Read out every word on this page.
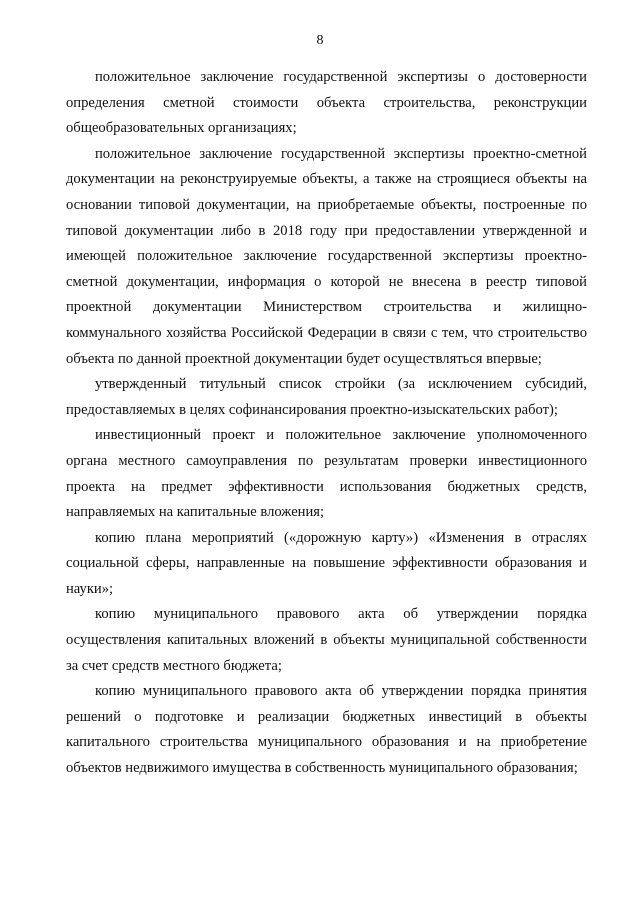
8

положительное заключение государственной экспертизы о достоверности определения сметной стоимости объекта строительства, реконструкции общеобразовательных организациях;

положительное заключение государственной экспертизы проектно-сметной документации на реконструируемые объекты, а также на строящиеся объекты на основании типовой документации, на приобретаемые объекты, построенные по типовой документации либо в 2018 году при предоставлении утвержденной и имеющей положительное заключение государственной экспертизы проектно-сметной документации, информация о которой не внесена в реестр типовой проектной документации Министерством строительства и жилищно-коммунального хозяйства Российской Федерации в связи с тем, что строительство объекта по данной проектной документации будет осуществляться впервые;

утвержденный титульный список стройки (за исключением субсидий, предоставляемых в целях софинансирования проектно-изыскательских работ);

инвестиционный проект и положительное заключение уполномоченного органа местного самоуправления по результатам проверки инвестиционного проекта на предмет эффективности использования бюджетных средств, направляемых на капитальные вложения;

копию плана мероприятий («дорожную карту») «Изменения в отраслях социальной сферы, направленные на повышение эффективности образования и науки»;

копию муниципального правового акта об утверждении порядка осуществления капитальных вложений в объекты муниципальной собственности за счет средств местного бюджета;

копию муниципального правового акта об утверждении порядка принятия решений о подготовке и реализации бюджетных инвестиций в объекты капитального строительства муниципального образования и на приобретение объектов недвижимого имущества в собственность муниципального образования;
